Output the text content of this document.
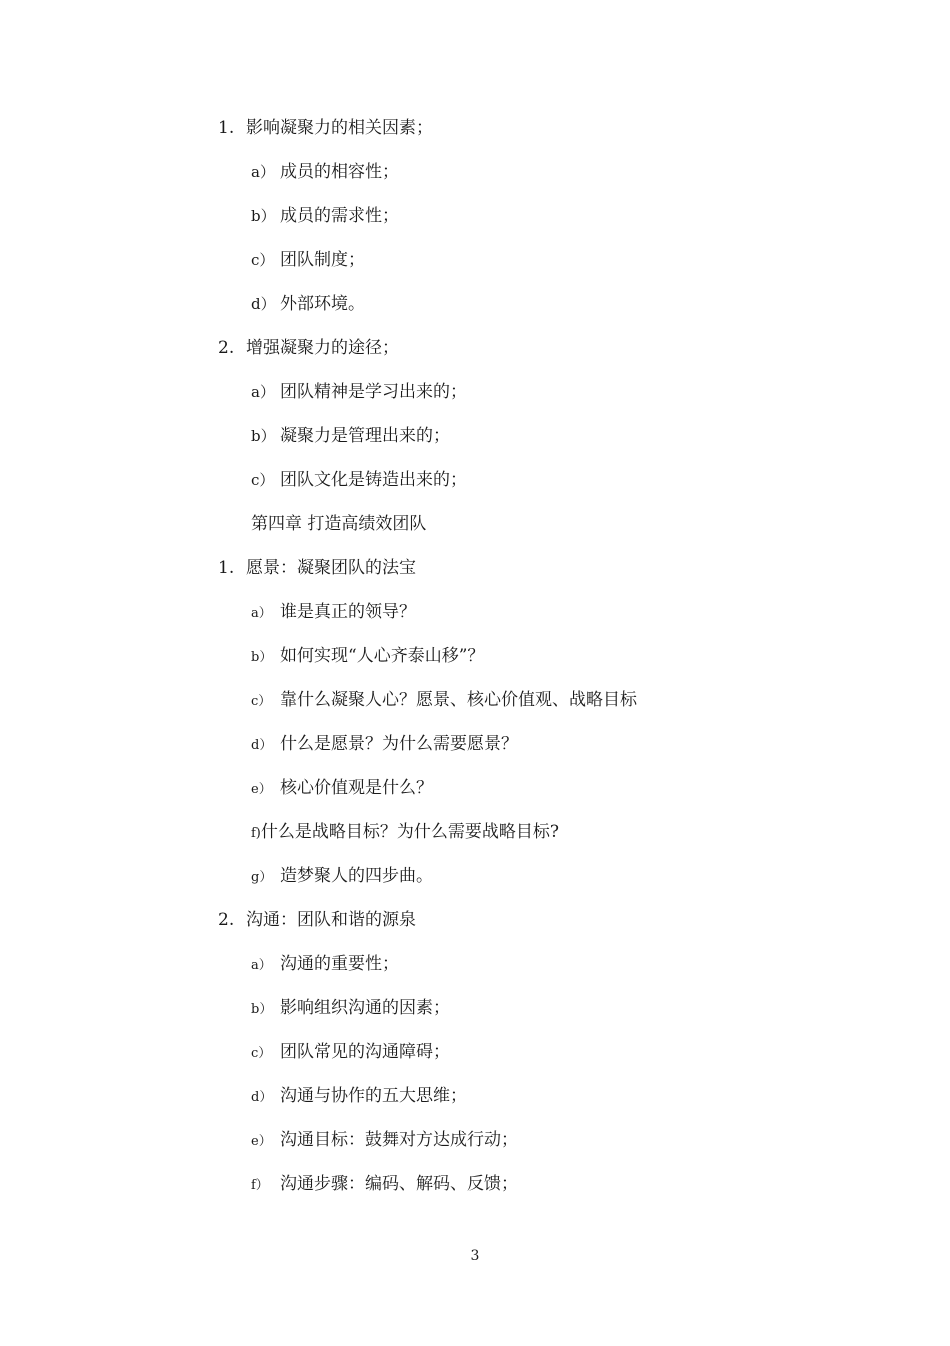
1. 影响凝聚力的相关因素；
a） 成员的相容性；
b） 成员的需求性；
c） 团队制度；
d） 外部环境。
2. 增强凝聚力的途径；
a） 团队精神是学习出来的；
b） 凝聚力是管理出来的；
c） 团队文化是铸造出来的；
第四章 打造高绩效团队
1. 愿景：凝聚团队的法宝
a） 谁是真正的领导？
b） 如何实现“人心齐泰山移”？
c） 靠什么凝聚人心？愿景、核心价值观、战略目标
d） 什么是愿景？为什么需要愿景？
e） 核心价值观是什么？
f)什么是战略目标？为什么需要战略目标?
g） 造梦聚人的四步曲。
2. 沟通：团队和谐的源泉
a） 沟通的重要性；
b） 影响组织沟通的因素；
c） 团队常见的沟通障碍；
d） 沟通与协作的五大思维；
e） 沟通目标：鼓舞对方达成行动；
f） 沟通步骤：编码、解码、反馈；
3
